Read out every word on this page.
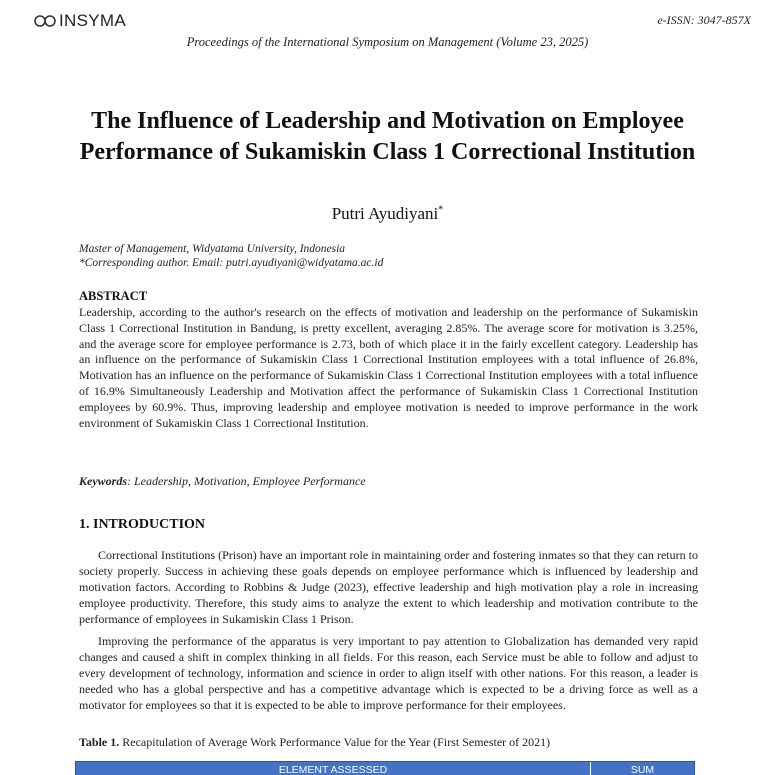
INSYMA	e-ISSN: 3047-857X
Proceedings of the International Symposium on Management (Volume 23, 2025)
The Influence of Leadership and Motivation on Employee Performance of Sukamiskin Class 1 Correctional Institution
Putri Ayudiyani*
Master of Management, Widyatama University, Indonesia
*Corresponding author. Email: putri.ayudiyani@widyatama.ac.id
ABSTRACT

Leadership, according to the author's research on the effects of motivation and leadership on the performance of Sukamiskin Class 1 Correctional Institution in Bandung, is pretty excellent, averaging 2.85%. The average score for motivation is 3.25%, and the average score for employee performance is 2.73, both of which place it in the fairly excellent category. Leadership has an influence on the performance of Sukamiskin Class 1 Correctional Institution employees with a total influence of 26.8%, Motivation has an influence on the performance of Sukamiskin Class 1 Correctional Institution employees with a total influence of 16.9% Simultaneously Leadership and Motivation affect the performance of Sukamiskin Class 1 Correctional Institution employees by 60.9%. Thus, improving leadership and employee motivation is needed to improve performance in the work environment of Sukamiskin Class 1 Correctional Institution.

Keywords: Leadership, Motivation, Employee Performance
1. INTRODUCTION

Correctional Institutions (Prison) have an important role in maintaining order and fostering inmates so that they can return to society properly. Success in achieving these goals depends on employee performance which is influenced by leadership and motivation factors. According to Robbins & Judge (2023), effective leadership and high motivation play a role in increasing employee productivity. Therefore, this study aims to analyze the extent to which leadership and motivation contribute to the performance of employees in Sukamiskin Class 1 Prison.

Improving the performance of the apparatus is very important to pay attention to Globalization has demanded very rapid changes and caused a shift in complex thinking in all fields. For this reason, each Service must be able to follow and adjust to every development of technology, information and science in order to align itself with other nations. For this reason, a leader is needed who has a global perspective and has a competitive advantage which is expected to be a driving force as well as a motivator for employees so that it is expected to be able to improve performance for their employees.

Table 1. Recapitulation of Average Work Performance Value for the Year (First Semester of 2021)
ELEMENT ASSESSED	SUM
